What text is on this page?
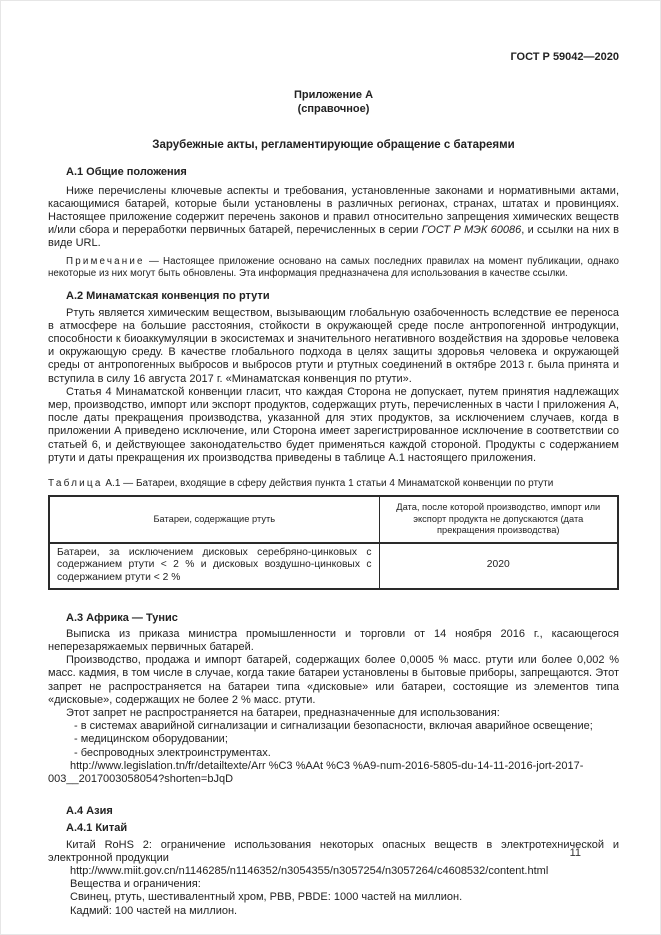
ГОСТ Р 59042—2020
Приложение А
(справочное)
Зарубежные акты, регламентирующие обращение с батареями
А.1 Общие положения

Ниже перечислены ключевые аспекты и требования, установленные законами и нормативными актами, касающимися батарей, которые были установлены в различных регионах, странах, штатах и провинциях. Настоящее приложение содержит перечень законов и правил относительно запрещения химических веществ и/или сбора и переработки первичных батарей, перечисленных в серии ГОСТ Р МЭК 60086, и ссылки на них в виде URL.

Примечание — Настоящее приложение основано на самых последних правилах на момент публикации, однако некоторые из них могут быть обновлены. Эта информация предназначена для использования в качестве ссылки.

А.2 Минаматская конвенция по ртути

Ртуть является химическим веществом, вызывающим глобальную озабоченность вследствие ее переноса в атмосфере на большие расстояния, стойкости в окружающей среде после антропогенной интродукции, способности к биоаккумуляции в экосистемах и значительного негативного воздействия на здоровье человека и окружающую среду. В качестве глобального подхода в целях защиты здоровья человека и окружающей среды от антропогенных выбросов и выбросов ртути и ртутных соединений в октябре 2013 г. была принята и вступила в силу 16 августа 2017 г. «Минаматская конвенция по ртути».

Статья 4 Минаматской конвенции гласит, что каждая Сторона не допускает, путем принятия надлежащих мер, производство, импорт или экспорт продуктов, содержащих ртуть, перечисленных в части I приложения А, после даты прекращения производства, указанной для этих продуктов, за исключением случаев, когда в приложении А приведено исключение, или Сторона имеет зарегистрированное исключение в соответствии со статьей 6, и действующее законодательство будет применяться каждой стороной. Продукты с содержанием ртути и даты прекращения их производства приведены в таблице А.1 настоящего приложения.

Таблица А.1 — Батареи, входящие в сферу действия пункта 1 статьи 4 Минаматской конвенции по ртути
Батареи, содержащие ртуть	Дата, после которой производство, импорт или экспорт продукта не допускаются (дата прекращения производства)
Батареи, за исключением дисковых серебряно-цинковых с содержанием ртути < 2 % и дисковых воздушно-цинковых с содержанием ртути < 2 %	2020
А.3 Африка — Тунис

Выписка из приказа министра промышленности и торговли от 14 ноября 2016 г., касающегося неперезаряжаемых первичных батарей.

Производство, продажа и импорт батарей, содержащих более 0,0005 % масс. ртути или более 0,002 % масс. кадмия, в том числе в случае, когда такие батареи установлены в бытовые приборы, запрещаются. Этот запрет не распространяется на батареи типа «дисковые» или батареи, состоящие из элементов типа «дисковые», содержащих не более 2 % масс. ртути.

Этот запрет не распространяется на батареи, предназначенные для использования:

- в системах аварийной сигнализации и сигнализации безопасности, включая аварийное освещение;

- медицинском оборудовании;

- беспроводных электроинструментах.

http://www.legislation.tn/fr/detailtexte/Arr %C3 %AAt %C3 %A9-num-2016-5805-du-14-11-2016-jort-2017-003__2017003058054?shorten=bJqD

А.4 Азия
А.4.1 Китай

Китай RoHS 2: ограничение использования некоторых опасных веществ в электротехнической и электронной продукции

http://www.miit.gov.cn/n1146285/n1146352/n3054355/n3057254/n3057264/c4608532/content.html

Вещества и ограничения:

Свинец, ртуть, шестивалентный хром, PBB, PBDE: 1000 частей на миллион.

Кадмий: 100 частей на миллион.

11
